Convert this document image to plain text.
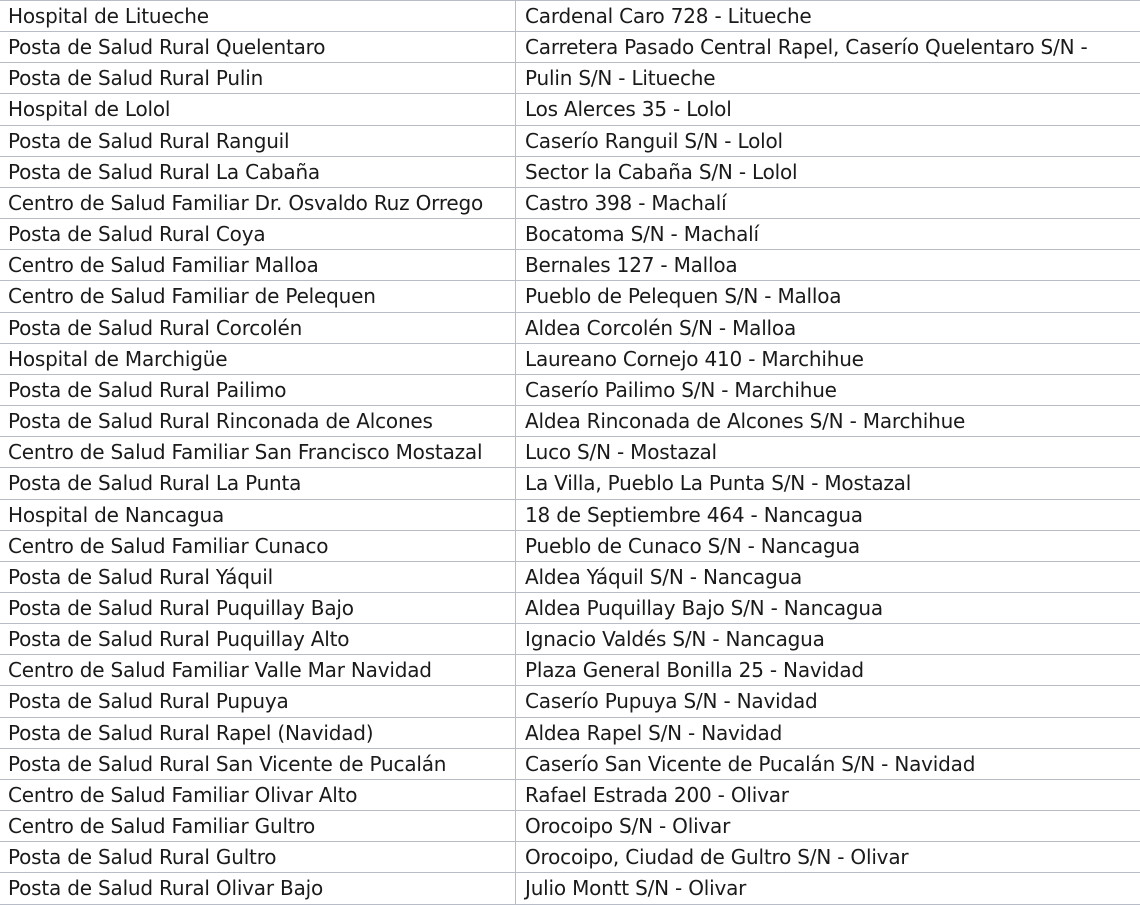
Hospital de Litueche	Cardenal Caro 728 - Litueche
Posta de Salud Rural Quelentaro	Carretera Pasado Central Rapel, Caserío Quelentaro S/N -
Posta de Salud Rural Pulin	Pulin S/N - Litueche
Hospital de Lolol	Los Alerces 35 - Lolol
Posta de Salud Rural Ranguil	Caserío Ranguil S/N - Lolol
Posta de Salud Rural La Cabaña	Sector la Cabaña S/N - Lolol
Centro de Salud Familiar Dr. Osvaldo Ruz Orrego	Castro 398 - Machalí
Posta de Salud Rural Coya	Bocatoma S/N - Machalí
Centro de Salud Familiar Malloa	Bernales 127 - Malloa
Centro de Salud Familiar de Pelequen	Pueblo de Pelequen S/N - Malloa
Posta de Salud Rural Corcolén	Aldea Corcolén S/N - Malloa
Hospital de Marchigüe	Laureano Cornejo 410 - Marchihue
Posta de Salud Rural Pailimo	Caserío Pailimo S/N - Marchihue
Posta de Salud Rural Rinconada de Alcones	Aldea Rinconada de Alcones S/N - Marchihue
Centro de Salud Familiar San Francisco Mostazal	Luco S/N - Mostazal
Posta de Salud Rural La Punta	La Villa, Pueblo La Punta S/N - Mostazal
Hospital de Nancagua	18 de Septiembre 464 - Nancagua
Centro de Salud Familiar Cunaco	Pueblo de Cunaco S/N - Nancagua
Posta de Salud Rural Yáquil	Aldea Yáquil S/N - Nancagua
Posta de Salud Rural Puquillay Bajo	Aldea Puquillay Bajo S/N - Nancagua
Posta de Salud Rural Puquillay Alto	Ignacio Valdés S/N - Nancagua
Centro de Salud Familiar Valle Mar Navidad	Plaza General Bonilla 25 - Navidad
Posta de Salud Rural Pupuya	Caserío Pupuya S/N - Navidad
Posta de Salud Rural Rapel (Navidad)	Aldea Rapel S/N - Navidad
Posta de Salud Rural San Vicente de Pucalán	Caserío San Vicente de Pucalán S/N - Navidad
Centro de Salud Familiar Olivar Alto	Rafael Estrada 200 - Olivar
Centro de Salud Familiar Gultro	Orocoipo S/N - Olivar
Posta de Salud Rural Gultro	Orocoipo, Ciudad de Gultro S/N - Olivar
Posta de Salud Rural Olivar Bajo	Julio Montt S/N - Olivar
